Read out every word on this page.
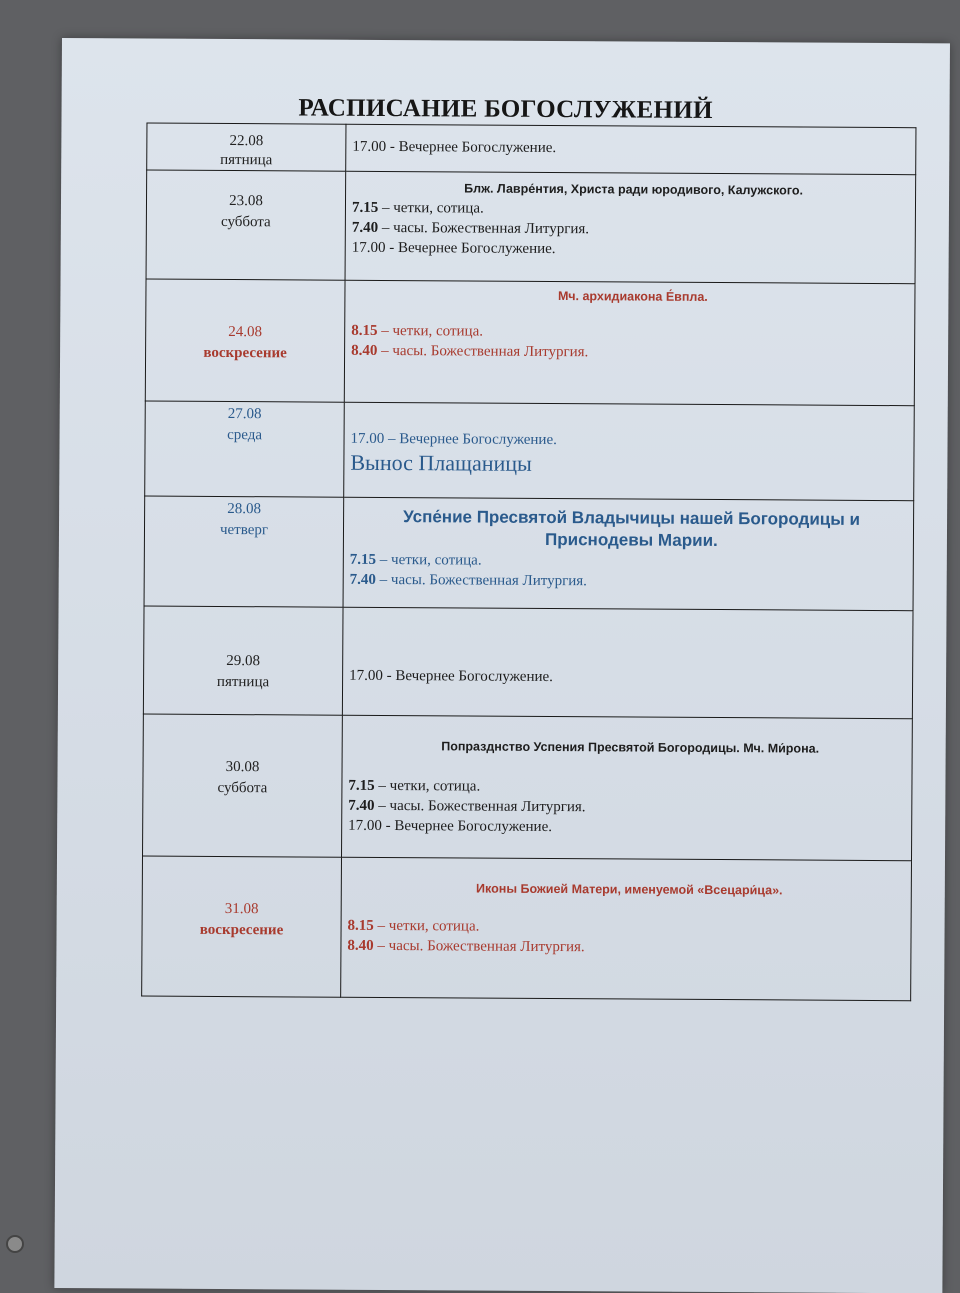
РАСПИСАНИЕ БОГОСЛУЖЕНИЙ
22.08
пятница	17.00 - Вечернее Богослужение.

23.08
суббота	Блж. Лавре́нтия, Христа ради юродивого, Калужского.
7.15 – четки, сотица.
7.40 – часы. Божественная Литургия.
17.00 - Вечернее Богослужение.

24.08
воскресение	Мч. архидиакона Е́впла.
8.15 – четки, сотица.
8.40 – часы. Божественная Литургия.

27.08
среда	17.00 – Вечернее Богослужение.
Вынос Плащаницы

28.08
четверг	Успе́ние Пресвятой Владычицы нашей Богородицы и Приснодевы Марии.
7.15 – четки, сотица.
7.40 – часы. Божественная Литургия.

29.08
пятница	17.00 - Вечернее Богослужение.

30.08
суббота	Попразднство Успения Пресвятой Богородицы. Мч. Ми́рона.
7.15 – четки, сотица.
7.40 – часы. Божественная Литургия.
17.00 - Вечернее Богослужение.

31.08
воскресение	Иконы Божией Матери, именуемой «Всецари́ца».
8.15 – четки, сотица.
8.40 – часы. Божественная Литургия.
